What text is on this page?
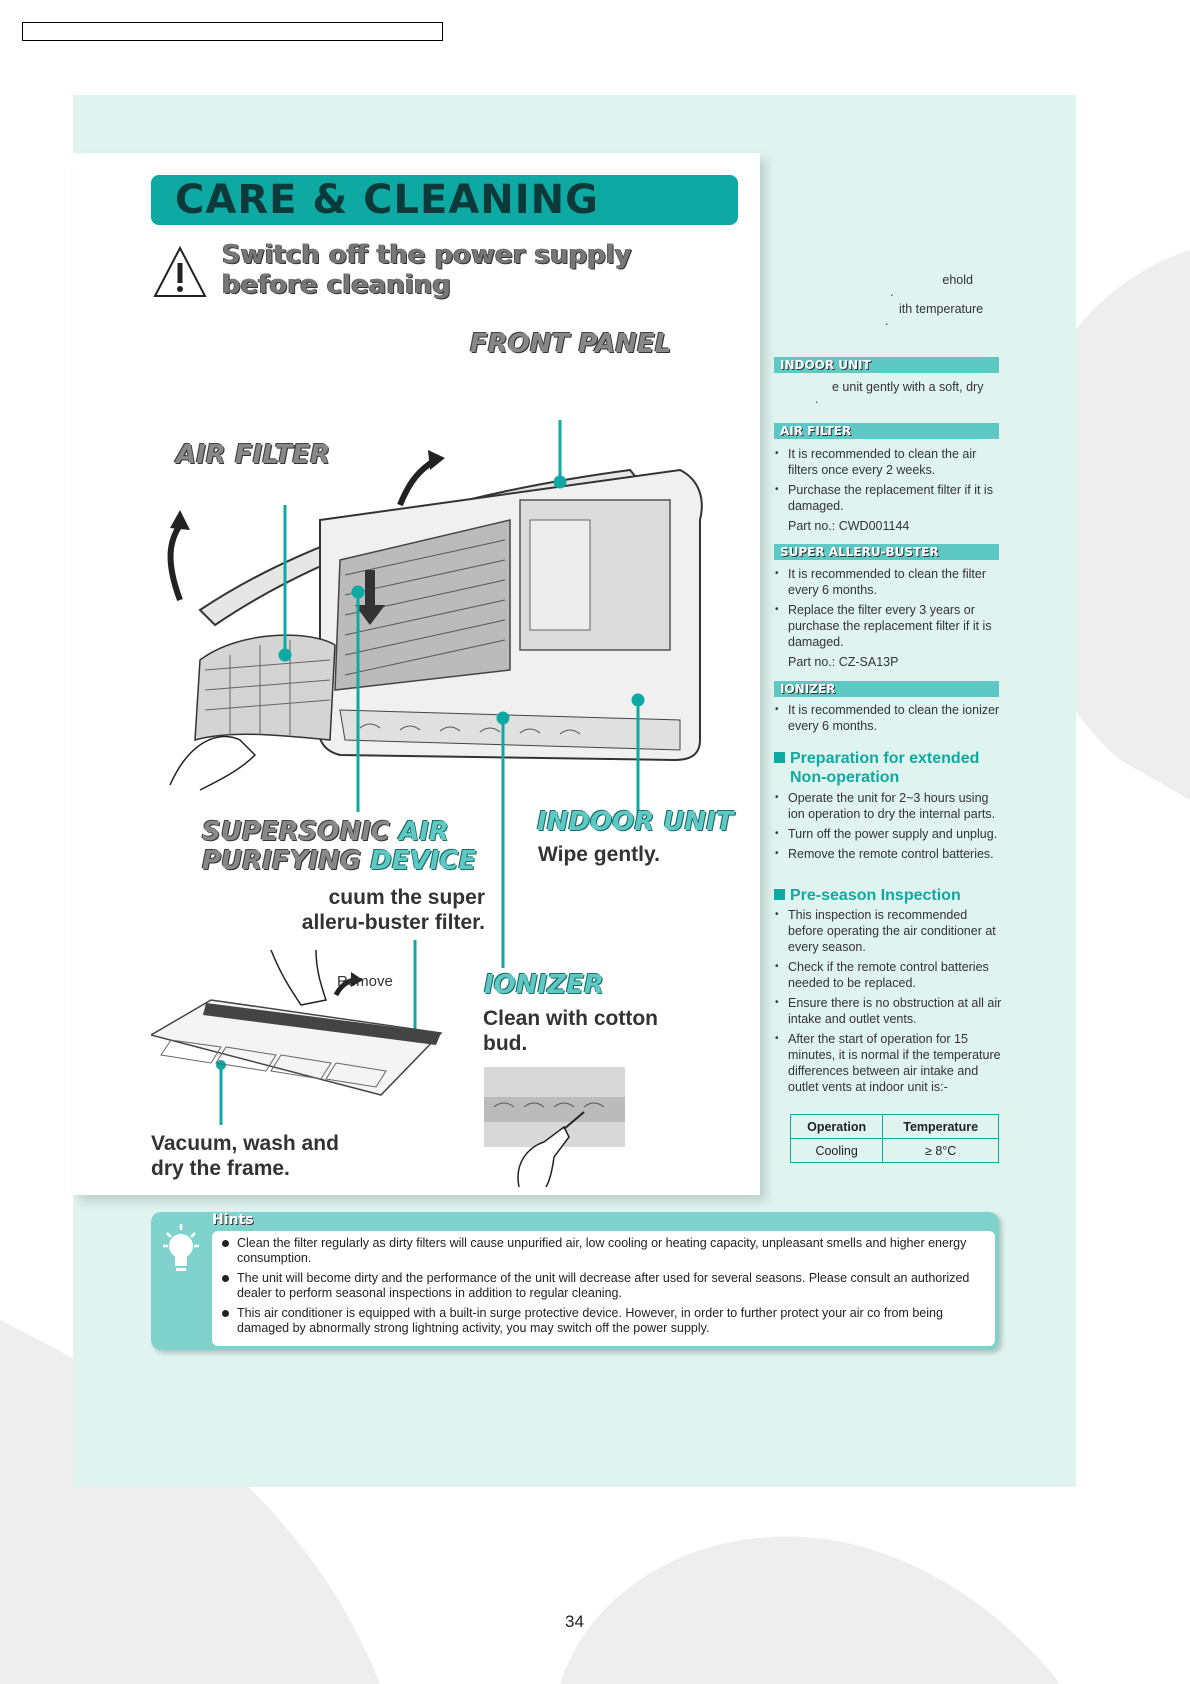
CARE & CLEANING
Switch off the power supply
before cleaning
FRONT PANEL
AIR FILTER
SUPERSONIC AIR
PURIFYING DEVICE
cuum the super
alleru-buster filter.
INDOOR UNIT
Wipe gently.
IONIZER
Clean with cotton
bud.
Remove
Vacuum, wash and
dry the frame.
ehold
.
ith temperature
.
INDOOR UNIT
e unit gently with a soft, dry
.
AIR FILTER
• It is recommended to clean the air filters once every 2 weeks.
• Purchase the replacement filter if it is damaged.
Part no.: CWD001144
SUPER ALLERU-BUSTER
• It is recommended to clean the filter every 6 months.
• Replace the filter every 3 years or purchase the replacement filter if it is damaged.
Part no.: CZ-SA13P
IONIZER
• It is recommended to clean the ionizer every 6 months.
Preparation for extended
Non-operation
• Operate the unit for 2~3 hours using ion operation to dry the internal parts.
• Turn off the power supply and unplug.
• Remove the remote control batteries.
Pre-season Inspection
• This inspection is recommended before operating the air conditioner at every season.
• Check if the remote control batteries needed to be replaced.
• Ensure there is no obstruction at all air intake and outlet vents.
• After the start of operation for 15 minutes, it is normal if the temperature differences between air intake and outlet vents at indoor unit is:-
Operation	Temperature
Cooling	≥ 8°C
Hints
Clean the filter regularly as dirty filters will cause unpurified air, low cooling or heating capacity, unpleasant smells and higher energy consumption.
The unit will become dirty and the performance of the unit will decrease after used for several seasons. Please consult an authorized dealer to perform seasonal inspections in addition to regular cleaning.
This air conditioner is equipped with a built-in surge protective device. However, in order to further protect your air co from being damaged by abnormally strong lightning activity, you may switch off the power supply.
34
